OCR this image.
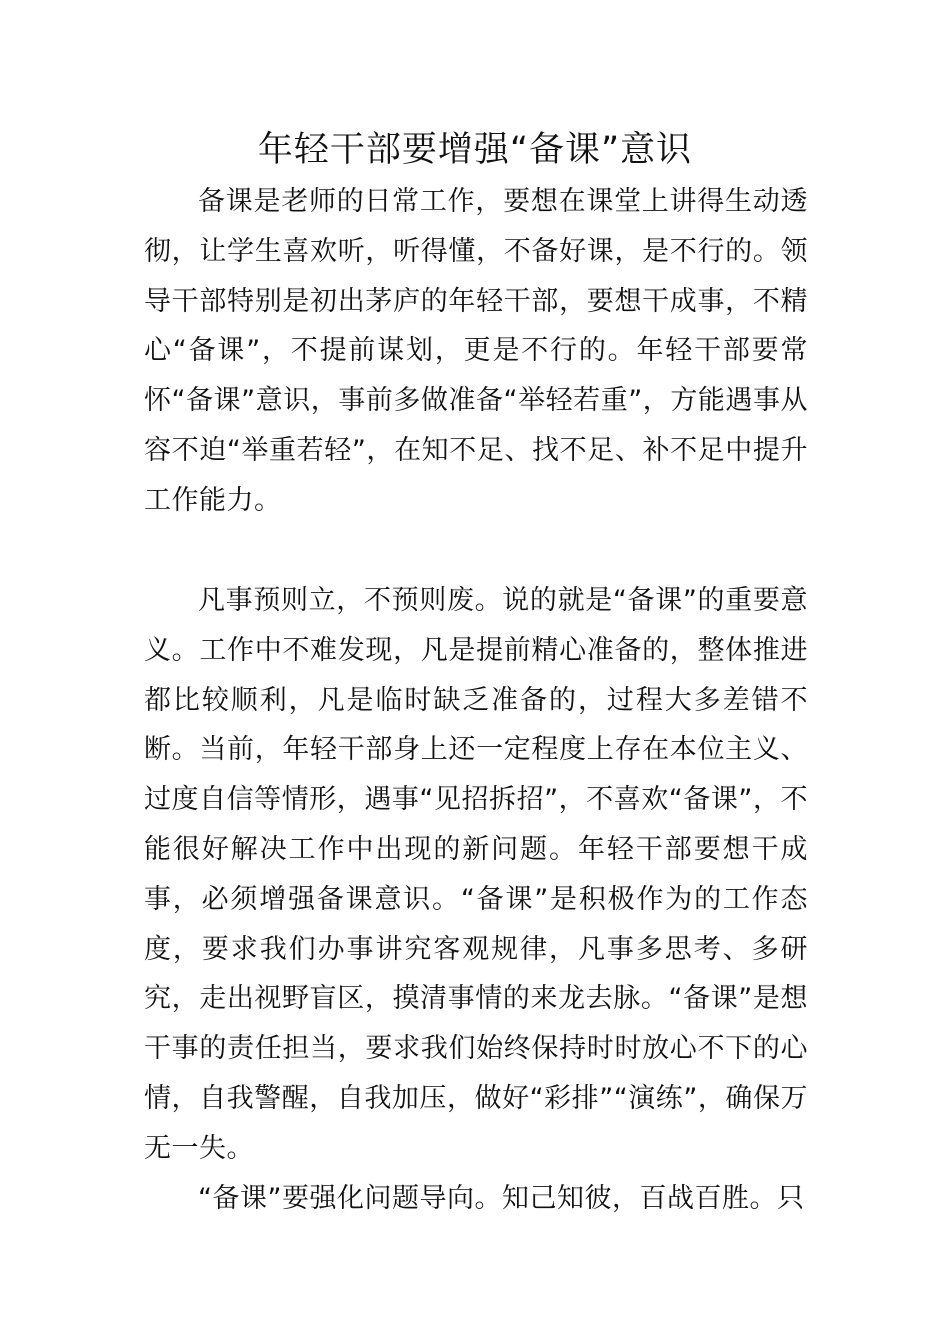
年轻干部要增强“备课”意识

备课是老师的日常工作，要想在课堂上讲得生动透彻，让学生喜欢听，听得懂，不备好课，是不行的。领导干部特别是初出茅庐的年轻干部，要想干成事，不精心“备课”，不提前谋划，更是不行的。年轻干部要常怀“备课”意识，事前多做准备“举轻若重”，方能遇事从容不迫“举重若轻”，在知不足、找不足、补不足中提升工作能力。

凡事预则立，不预则废。说的就是“备课”的重要意义。工作中不难发现，凡是提前精心准备的，整体推进都比较顺利，凡是临时缺乏准备的，过程大多差错不断。当前，年轻干部身上还一定程度上存在本位主义、过度自信等情形，遇事“见招拆招”，不喜欢“备课”，不能很好解决工作中出现的新问题。年轻干部要想干成事，必须增强备课意识。“备课”是积极作为的工作态度，要求我们办事讲究客观规律，凡事多思考、多研究，走出视野盲区，摸清事情的来龙去脉。“备课”是想干事的责任担当，要求我们始终保持时时放心不下的心情，自我警醒，自我加压，做好“彩排”“演练”，确保万无一失。

“备课”要强化问题导向。知己知彼，百战百胜。只
